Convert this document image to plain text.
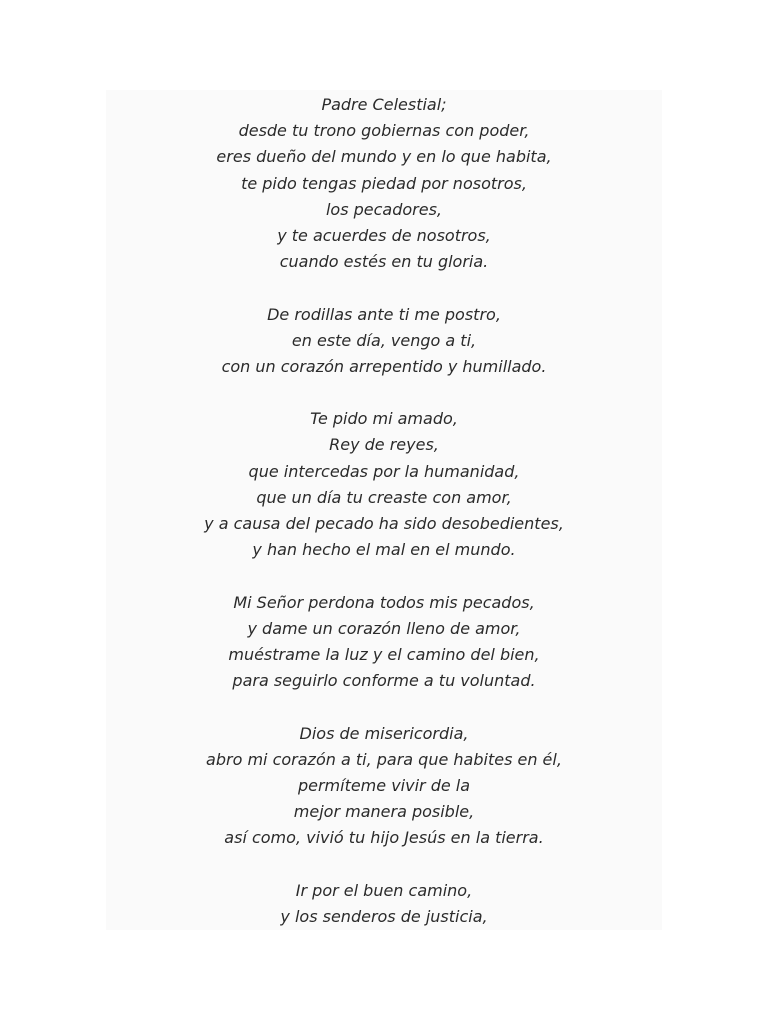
Padre Celestial;
desde tu trono gobiernas con poder,
eres dueño del mundo y en lo que habita,
te pido tengas piedad por nosotros,
los pecadores,
y te acuerdes de nosotros,
cuando estés en tu gloria.
De rodillas ante ti me postro,
en este día, vengo a ti,
con un corazón arrepentido y humillado.
Te pido mi amado,
Rey de reyes,
que intercedas por la humanidad,
que un día tu creaste con amor,
y a causa del pecado ha sido desobedientes,
y han hecho el mal en el mundo.
Mi Señor perdona todos mis pecados,
y dame un corazón lleno de amor,
muéstrame la luz y el camino del bien,
para seguirlo conforme a tu voluntad.
Dios de misericordia,
abro mi corazón a ti, para que habites en él,
permíteme vivir de la
mejor manera posible,
así como, vivió tu hijo Jesús en la tierra.
Ir por el buen camino,
y los senderos de justicia,
